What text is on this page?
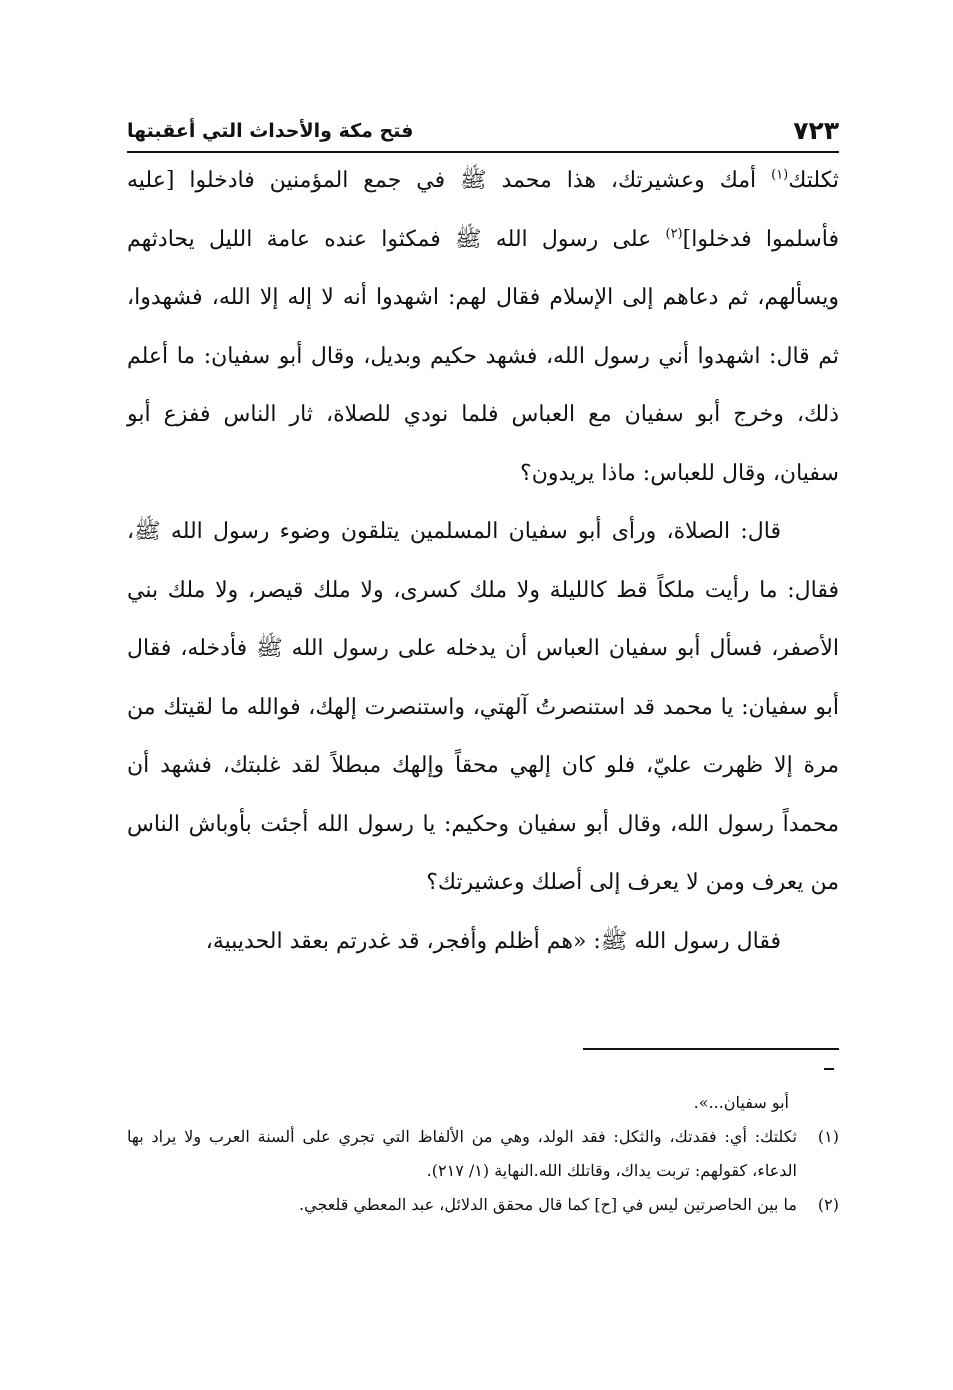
٧٢٣
فتح مكة والأحداث التي أعقبتها

ثكلتك$^{(١)}$ أمك وعشيرتك، هذا محمد ﷺ في جمع المؤمنين فادخلوا [عليه فأسلموا فدخلوا]$^{(٢)}$ على رسول الله ﷺ فمكثوا عنده عامة الليل يحادثهم ويسألهم، ثم دعاهم إلى الإسلام فقال لهم: اشهدوا أنه لا إله إلا الله، فشهدوا، ثم قال: اشهدوا أني رسول الله، فشهد حكيم وبديل، وقال أبو سفيان: ما أعلم ذلك، وخرج أبو سفيان مع العباس فلما نودي للصلاة، ثار الناس ففزع أبو سفيان، وقال للعباس: ماذا يريدون؟

قال: الصلاة، ورأى أبو سفيان المسلمين يتلقون وضوء رسول الله ﷺ، فقال: ما رأيت ملكاً قط كالليلة ولا ملك كسرى، ولا ملك قيصر، ولا ملك بني الأصفر، فسأل أبو سفيان العباس أن يدخله على رسول الله ﷺ فأدخله، فقال أبو سفيان: يا محمد قد استنصرتُ آلهتي، واستنصرت إلهك، فوالله ما لقيتك من مرة إلا ظهرت عليّ، فلو كان إلهي محقاً وإلهك مبطلاً لقد غلبتك، فشهد أن محمداً رسول الله، وقال أبو سفيان وحكيم: يا رسول الله أجئت بأوباش الناس من يعرف ومن لا يعرف إلى أصلك وعشيرتك؟

فقال رسول الله ﷺ: «هم أظلم وأفجر، قد غدرتم بعقد الحديبية،

أبو سفيان...».

(١)ثكلتك: أي: فقدتك، والثكل: فقد الولد، وهي من الألفاظ التي تجري على ألسنة العرب ولا يراد بها الدعاء، كقولهم: تربت يداك، وقاتلك الله.النهاية (١/ ٢١٧).

(٢)ما بين الحاصرتين ليس في [ح] كما قال محقق الدلائل، عبد المعطي قلعجي.
